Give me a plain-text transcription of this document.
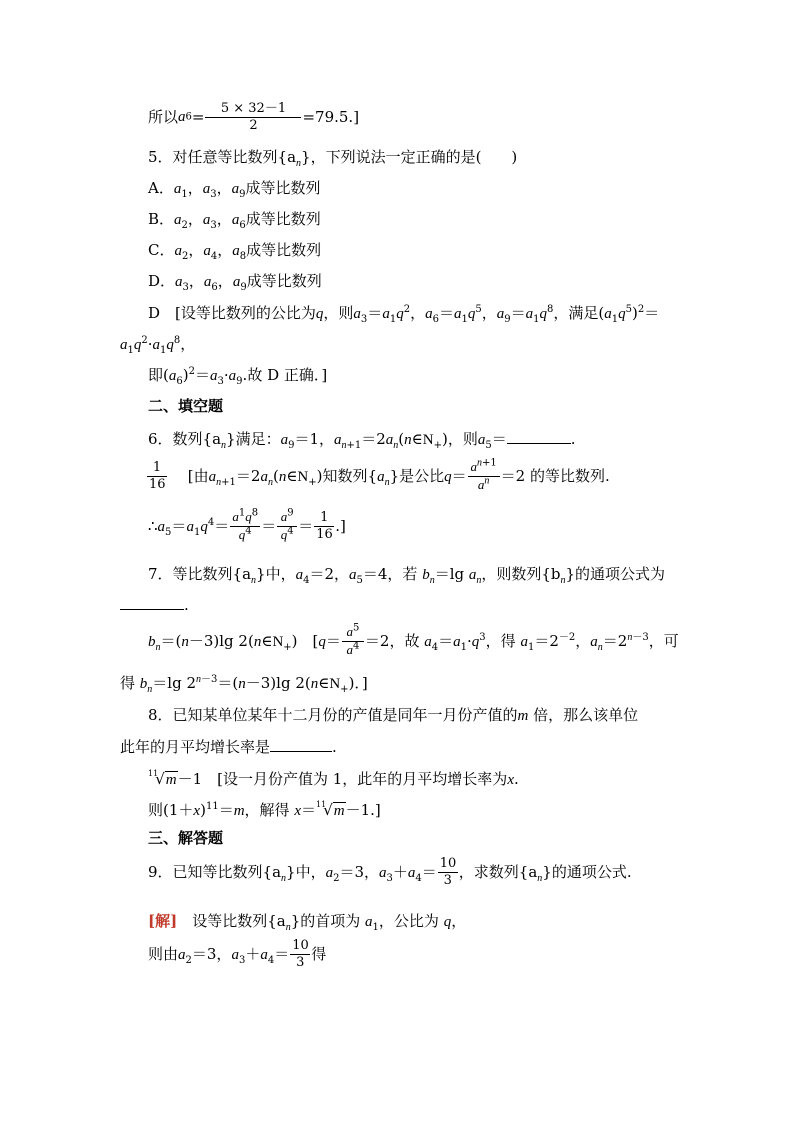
所以$a6= \frac{5 \times 32-1}{2} =79.5$.]
5．对任意等比数列$\{a_n\}$，下列说法一定正确的是(　　)
A．$a_1$，$a_3$，$a_9$成等比数列
B．$a_2$，$a_3$，$a_6$成等比数列
C．$a_2$，$a_4$，$a_8$成等比数列
D．$a_3$，$a_6$，$a_9$成等比数列
D　 [设等比数列的公比为q，则$a_3=a_1q^2$，$a_6=a_1q^5$，$a_9=a_1q^8$，满足$(a_1q^5)^2=$
$a_1q^2\cdot a_1q^8$，
即$(a_6)^2=a_3\cdot a_9$.故 D 正确．]
二、填空题
6．数列$\{a_n\}$满足：$a_9=1$，$a_{n+1}=2a_n(n\in N_+)$，则$a_5=$	.
$\frac{1}{16}$
　 [由$a_{n+1}=2a_n(n\in N_+)$知数列$\{a_n\}$是公比$q= \frac{a^{n+1}}{a^n} =2$ 的等比数列.
$\therefore a_5=a_1q^4= \frac{a^1q^8}{q^4} = \frac{a^9}{q^4} = \frac{1}{16}$ .]
7．等比数列$\{a_n\}$中，$a_4=2$，$a_5=4$，若 $b_n=\lg$ $a_n$，则数列$\{b_n\}$的通项公式为
.
$b_n=(n-3)\lg$ $2(n\in N_+)$　[$q= \frac{a^5}{a^4} =2$，故 $a_4=a_1\cdot q^3$，得 $a_1=2^{-2}$，$a_n=2^{n-3}$，可
得 $b_n=\lg$ $2^{n-3}=(n-3)\lg$ $2(n\in N_+)$．]
8．已知某单位某年十二月份的产值是同年一月份产值的m 倍，那么该单位
此年的月平均增长率是	.
$^{11}$√m－1　[设一月份产值为 1，此年的月平均增长率为x.
则$(1+x)^{11}=m$，解得 x＝$^{11}$√m－1.]
三、解答题
9．已知等比数列$\{a_n\}$中，$a_2=3$，$a_3+a_4= \frac{10}{3}$ ，求数列$\{a_n\}$的通项公式.
[解]　 设等比数列$\{a_n\}$的首项为 $a_1$，公比为 q，
则由$a_2=3$，$a_3+a_4= \frac{10}{3}$ 得
